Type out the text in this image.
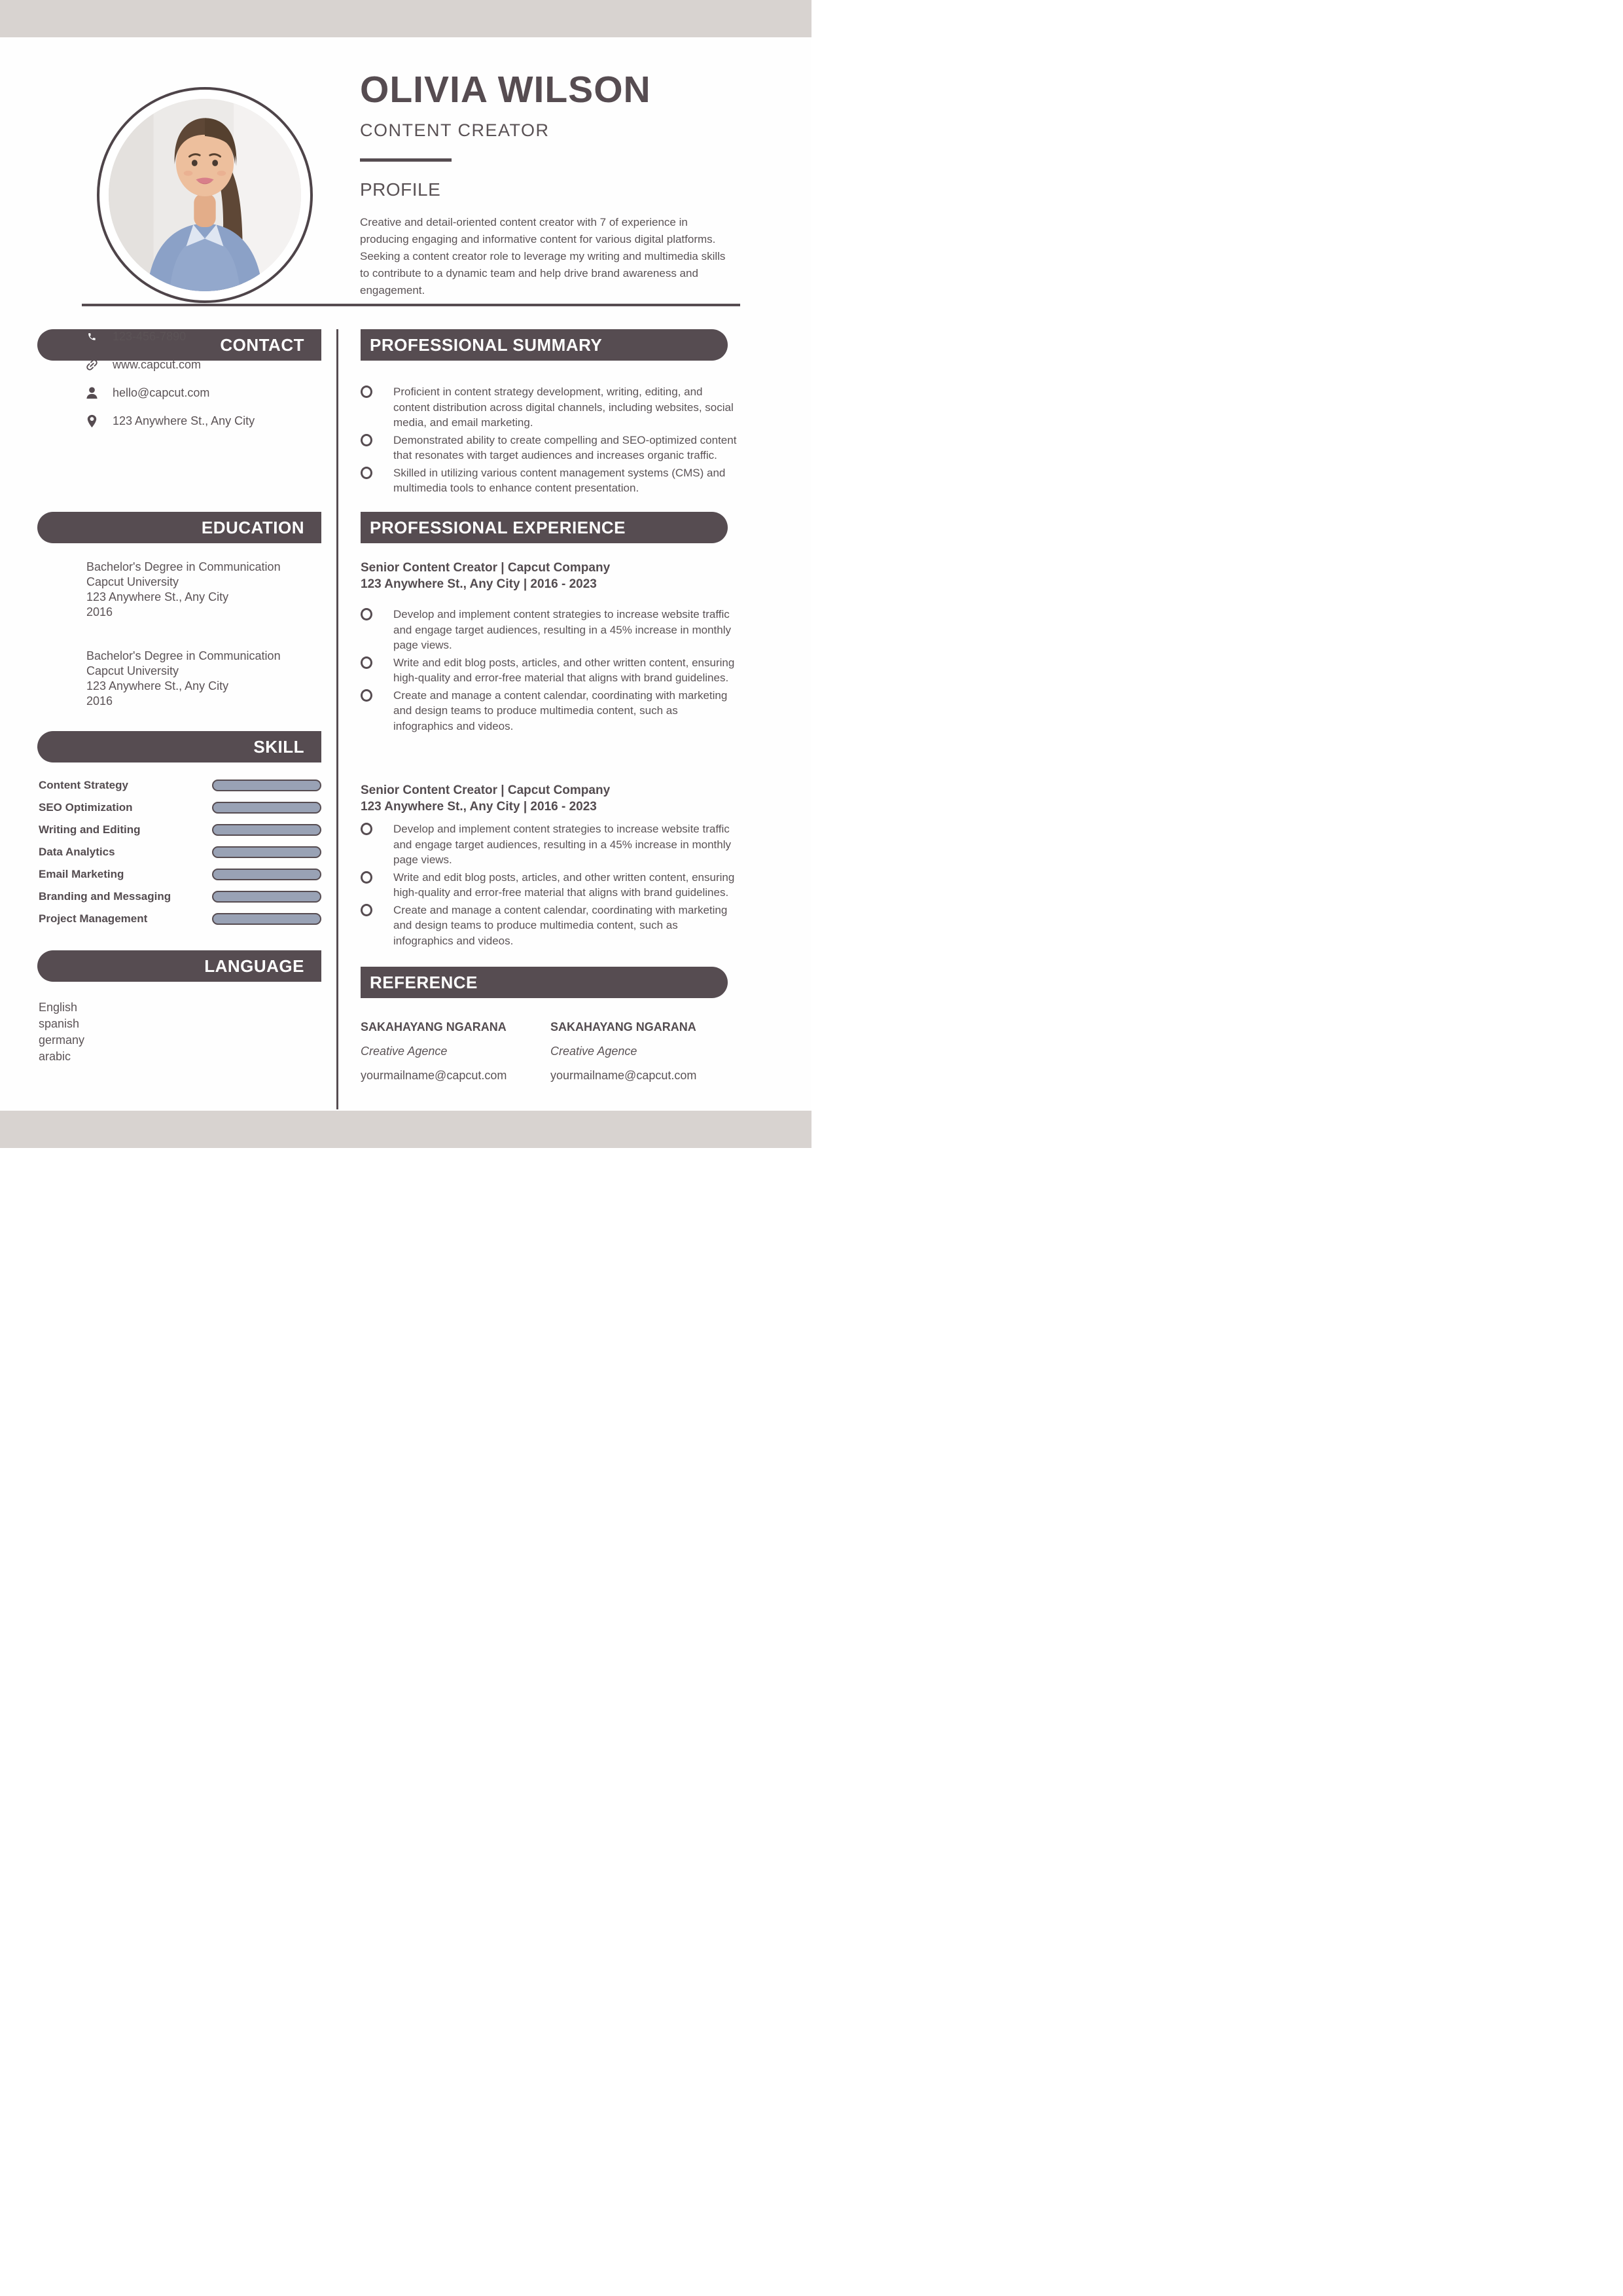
OLIVIA WILSON
CONTENT CREATOR
PROFILE
Creative and detail-oriented content creator with 7 of experience in producing engaging and informative content for various digital platforms. Seeking a content creator role to leverage my writing and multimedia skills to contribute to a dynamic team and help drive brand awareness and engagement.
CONTACT
123-456-7890
www.capcut.com
hello@capcut.com
123 Anywhere St., Any City
EDUCATION
Bachelor's Degree in Communication
Capcut University
123 Anywhere St., Any City
2016
Bachelor's Degree in Communication
Capcut University
123 Anywhere St., Any City
2016
SKILL
Content Strategy
SEO Optimization
Writing and Editing
Data Analytics
Email Marketing
Branding and Messaging
Project Management
LANGUAGE
English
spanish
germany
arabic
PROFESSIONAL SUMMARY
Proficient in content strategy development, writing, editing, and content distribution across digital channels, including websites, social media, and email marketing.
Demonstrated ability to create compelling and SEO-optimized content that resonates with target audiences and increases organic traffic.
Skilled in utilizing various content management systems (CMS) and multimedia tools to enhance content presentation.
PROFESSIONAL EXPERIENCE
Senior Content Creator | Capcut Company
123 Anywhere St., Any City | 2016 - 2023
Develop and implement content strategies to increase website traffic and engage target audiences, resulting in a 45% increase in monthly page views.
Write and edit blog posts, articles, and other written content, ensuring high-quality and error-free material that aligns with brand guidelines.
Create and manage a content calendar, coordinating with marketing and design teams to produce multimedia content, such as infographics and videos.
Senior Content Creator | Capcut Company
123 Anywhere St., Any City | 2016 - 2023
Develop and implement content strategies to increase website traffic and engage target audiences, resulting in a 45% increase in monthly page views.
Write and edit blog posts, articles, and other written content, ensuring high-quality and error-free material that aligns with brand guidelines.
Create and manage a content calendar, coordinating with marketing and design teams to produce multimedia content, such as infographics and videos.
REFERENCE
SAKAHAYANG NGARANA
Creative Agence
yourmailname@capcut.com
SAKAHAYANG NGARANA
Creative Agence
yourmailname@capcut.com
